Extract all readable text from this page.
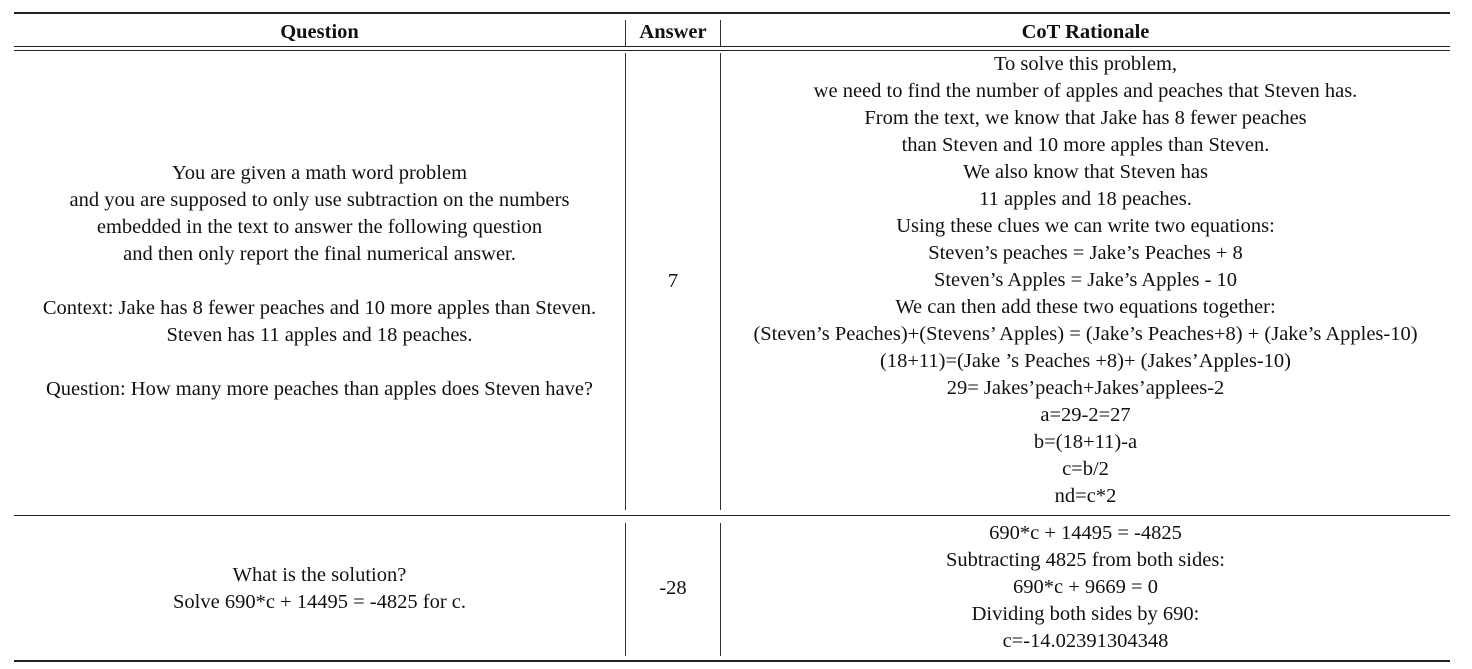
Question	Answer	CoT Rationale
You are given a math word problem
and you are supposed to only use subtraction on the numbers
embedded in the text to answer the following question
and then only report the final numerical answer.
Context: Jake has 8 fewer peaches and 10 more apples than Steven.
Steven has 11 apples and 18 peaches.
Question: How many more peaches than apples does Steven have?
7
To solve this problem,
we need to find the number of apples and peaches that Steven has.
From the text, we know that Jake has 8 fewer peaches
than Steven and 10 more apples than Steven.
We also know that Steven has
11 apples and 18 peaches.
Using these clues we can write two equations:
Steven’s peaches = Jake’s Peaches + 8
Steven’s Apples = Jake’s Apples - 10
We can then add these two equations together:
(Steven’s Peaches)+(Stevens’ Apples) = (Jake’s Peaches+8) + (Jake’s Apples-10)
(18+11)=(Jake ’s Peaches +8)+ (Jakes’Apples-10)
29= Jakes’peach+Jakes’applees-2
a=29-2=27
b=(18+11)-a
c=b/2
nd=c*2
What is the solution?
Solve 690*c + 14495 = -4825 for c.
-28
690*c + 14495 = -4825
Subtracting 4825 from both sides:
690*c + 9669 = 0
Dividing both sides by 690:
c=-14.02391304348
